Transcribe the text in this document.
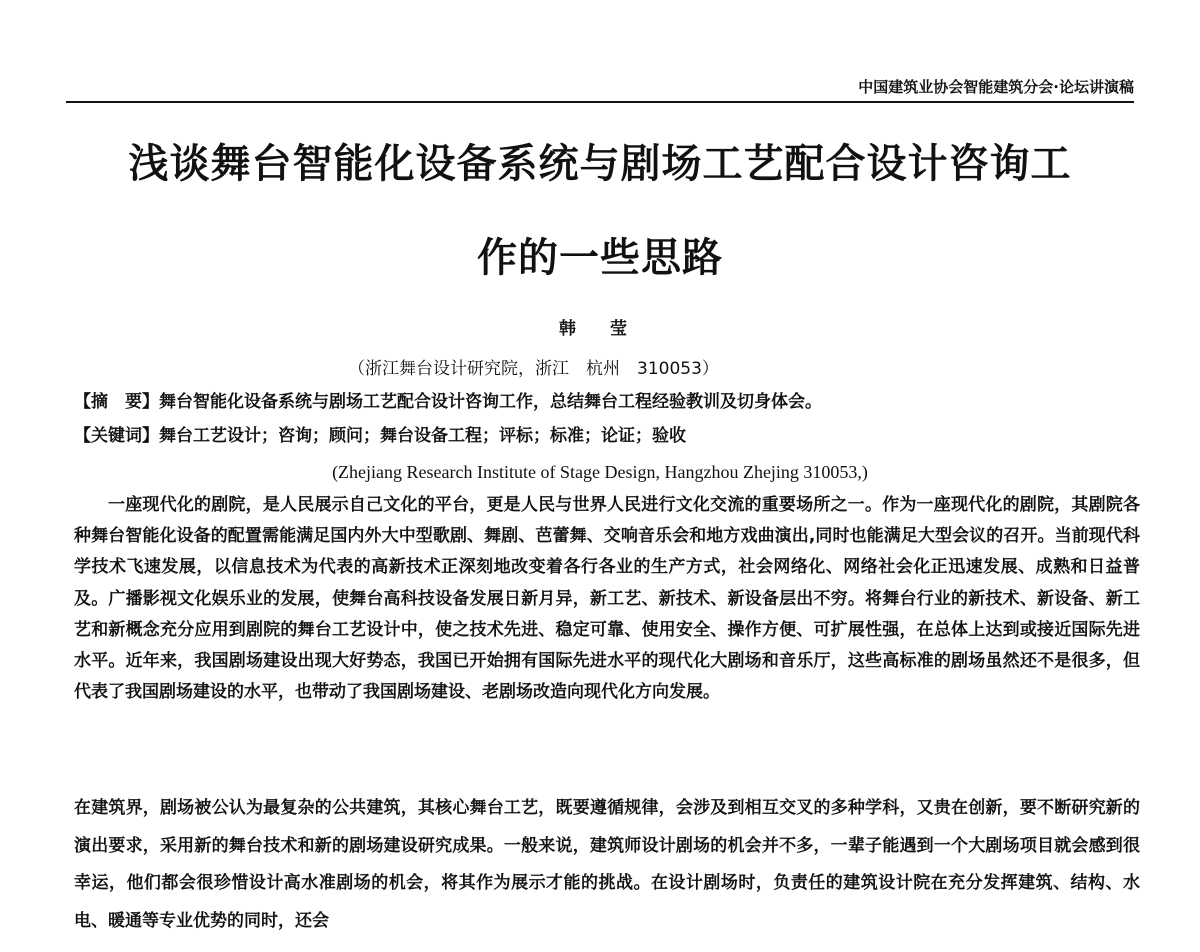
中国建筑业协会智能建筑分会·论坛讲演稿
浅谈舞台智能化设备系统与剧场工艺配合设计咨询工
作的一些思路
韩 莹
（浙江舞台设计研究院，浙江　杭州　310053）
【摘　要】舞台智能化设备系统与剧场工艺配合设计咨询工作，总结舞台工程经验教训及切身体会。
【关键词】舞台工艺设计；咨询；顾问；舞台设备工程；评标；标准；论证；验收
(Zhejiang Research Institute of Stage Design, Hangzhou Zhejing 310053,)

一座现代化的剧院，是人民展示自己文化的平台，更是人民与世界人民进行文化交流的重要场所之一。作为一座现代化的剧院，其剧院各种舞台智能化设备的配置需能满足国内外大中型歌剧、舞剧、芭蕾舞、交响音乐会和地方戏曲演出,同时也能满足大型会议的召开。当前现代科学技术飞速发展，以信息技术为代表的高新技术正深刻地改变着各行各业的生产方式，社会网络化、网络社会化正迅速发展、成熟和日益普及。广播影视文化娱乐业的发展，使舞台高科技设备发展日新月异，新工艺、新技术、新设备层出不穷。将舞台行业的新技术、新设备、新工艺和新概念充分应用到剧院的舞台工艺设计中，使之技术先进、稳定可靠、使用安全、操作方便、可扩展性强，在总体上达到或接近国际先进水平。近年来，我国剧场建设出现大好势态，我国已开始拥有国际先进水平的现代化大剧场和音乐厅，这些高标准的剧场虽然还不是很多，但代表了我国剧场建设的水平，也带动了我国剧场建设、老剧场改造向现代化方向发展。

在建筑界，剧场被公认为最复杂的公共建筑，其核心舞台工艺，既要遵循规律，会涉及到相互交叉的多种学科，又贵在创新，要不断研究新的演出要求，采用新的舞台技术和新的剧场建设研究成果。一般来说，建筑师设计剧场的机会并不多，一辈子能遇到一个大剧场项目就会感到很幸运，他们都会很珍惜设计高水准剧场的机会，将其作为展示才能的挑战。在设计剧场时，负责任的建筑设计院在充分发挥建筑、结构、水电、暖通等专业优势的同时，还会
